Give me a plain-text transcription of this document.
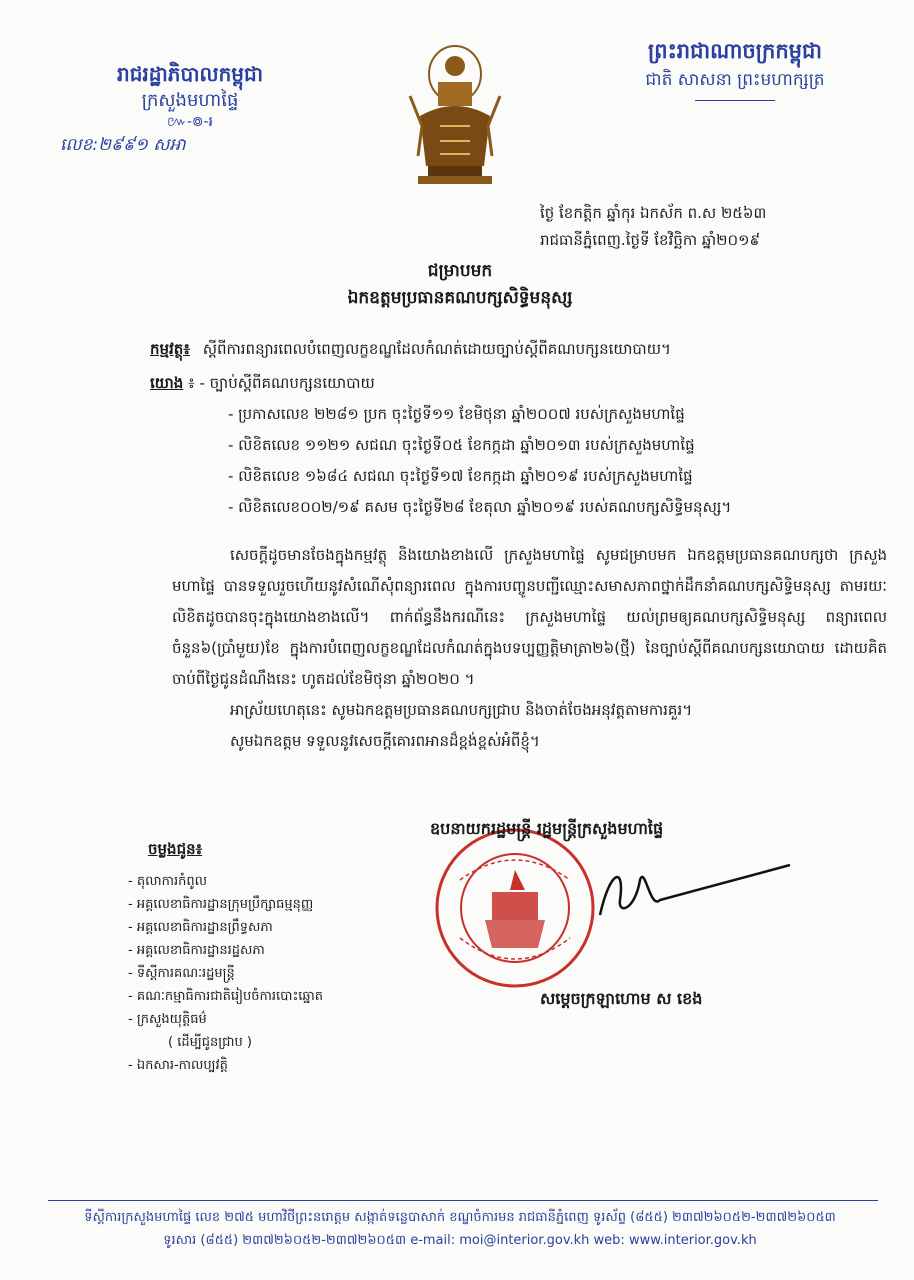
រាជរដ្ឋាភិបាលកម្ពុជា
ក្រសួងមហាផ្ទៃ
៚-៙-៛
លេខ:២៩៩១ សអា
ព្រះរាជាណាចក្រកម្ពុជា
ជាតិ សាសនា ព្រះមហាក្សត្រ
ថ្ងៃ ខែកត្ដិក ឆ្នាំកុរ ឯកស័ក ព.ស ២៥៦៣
រាជធានីភ្នំពេញ.ថ្ងៃទី ខែវិច្ឆិកា ឆ្នាំ២០១៩
ជម្រាបមក
ឯកឧត្តមប្រធានគណបក្សសិទ្ធិមនុស្ស
កម្មវត្ថុ៖ ស្ដីពីការពន្យារពេលបំពេញលក្ខខណ្ឌដែលកំណត់ដោយច្បាប់ស្តីពីគណបក្សនយោបាយ។
យោង ៖ - ច្បាប់ស្តីពីគណបក្សនយោបាយ
- ប្រកាសលេខ ២២៨១ ប្រក ចុះថ្ងៃទី១១ ខែមិថុនា ឆ្នាំ២០០៧ របស់ក្រសួងមហាផ្ទៃ
- លិខិតលេខ ១១២១ សជណ ចុះថ្ងៃទី០៥ ខែកក្កដា ឆ្នាំ២០១៣ របស់ក្រសួងមហាផ្ទៃ
- លិខិតលេខ ១៦៨៤ សជណ ចុះថ្ងៃទី១៧ ខែកក្កដា ឆ្នាំ២០១៩ របស់ក្រសួងមហាផ្ទៃ
- លិខិតលេខ០០២/១៩ គសម ចុះថ្ងៃទី២៨ ខែតុលា ឆ្នាំ២០១៩ របស់គណបក្សសិទ្ធិមនុស្ស។

សេចក្តីដូចមានចែងក្នុងកម្មវត្ថុ និងយោងខាងលើ ក្រសួងមហាផ្ទៃ សូមជម្រាបមក ឯកឧត្តមប្រធានគណបក្សថា ក្រសួងមហាផ្ទៃ បានទទួលរួចហើយនូវសំណើសុំពន្យារពេល ក្នុងការបញ្ចូនបញ្ជីឈ្មោះសមាសភាពថ្នាក់ដឹកនាំគណបក្សសិទ្ធិមនុស្ស តាមរយៈលិខិតដូចបានចុះក្នុងយោងខាងលើ។ ពាក់ព័ន្ធនឹងករណីនេះ ក្រសួងមហាផ្ទៃ យល់ព្រមឲ្យគណបក្សសិទ្ធិមនុស្ស ពន្យារពេលចំនួន៦(ប្រាំមួយ)ខែ ក្នុងការបំពេញលក្ខខណ្ឌដែលកំណត់ក្នុងបទប្បញ្ញត្តិមាត្រា២៦(ថ្មី) នៃច្បាប់ស្តីពីគណបក្សនយោបាយ ដោយគិតចាប់ពីថ្ងៃជូនដំណឹងនេះ ហូតដល់ខែមិថុនា ឆ្នាំ២០២០ ។

អាស្រ័យហេតុនេះ សូមឯកឧត្តមប្រធានគណបក្សជ្រាប និងចាត់ចែងអនុវត្តតាមការគួរ។

សូមឯកឧត្តម ទទួលនូវសេចក្តីគោរពអានដ៏ខ្ពង់ខ្ពស់អំពីខ្ញុំ។

ឧបនាយករដ្ឋមន្ត្រី រដ្ឋមន្ត្រីក្រសួងមហាផ្ទៃ
សម្តេចក្រឡាហោម ស ខេង
ចម្លងជូន៖
- តុលាការកំពូល
- អគ្គលេខាធិការដ្ឋានក្រុមប្រឹក្សាធម្មនុញ្ញ
- អគ្គលេខាធិការដ្ឋានព្រឹទ្ធសភា
- អគ្គលេខាធិការដ្ឋានរដ្ឋសភា
- ទីស្តីការគណៈរដ្ឋមន្ត្រី
- គណៈកម្មាធិការជាតិរៀបចំការបោះឆ្នោត
- ក្រសួងយុត្តិធម៌
( ដើម្បីជូនជ្រាប )
- ឯកសារ-កាលប្បវត្តិ
ទីស្តីការក្រសួងមហាផ្ទៃ លេខ ២៧៥ មហាវិថីព្រះនរោត្តម សង្កាត់ទន្លេបាសាក់ ខណ្ឌចំការមន រាជធានីភ្នំពេញ ទូរស័ព្ទ (៨៥៥) ២៣៧២៦០៥២-២៣៧២៦០៥៣
ទូរសារ (៨៥៥) ២៣៧២៦០៥២-២៣៧២៦០៥៣ e-mail: moi@interior.gov.kh web: www.interior.gov.kh
